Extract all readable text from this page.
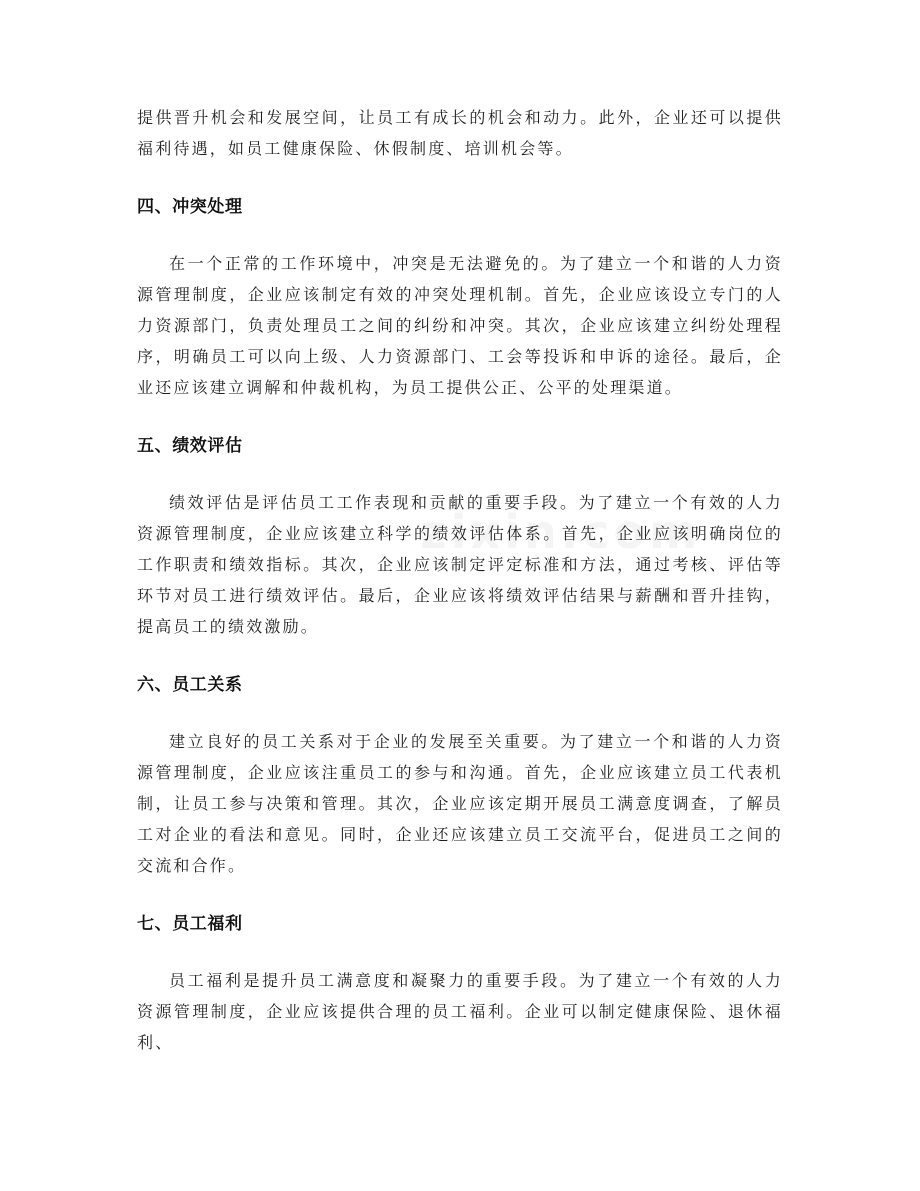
提供晋升机会和发展空间，让员工有成长的机会和动力。此外，企业还可以提供福利待遇，如员工健康保险、休假制度、培训机会等。

四、冲突处理

在一个正常的工作环境中，冲突是无法避免的。为了建立一个和谐的人力资源管理制度，企业应该制定有效的冲突处理机制。首先，企业应该设立专门的人力资源部门，负责处理员工之间的纠纷和冲突。其次，企业应该建立纠纷处理程序，明确员工可以向上级、人力资源部门、工会等投诉和申诉的途径。最后，企业还应该建立调解和仲裁机构，为员工提供公正、公平的处理渠道。

五、绩效评估

绩效评估是评估员工工作表现和贡献的重要手段。为了建立一个有效的人力资源管理制度，企业应该建立科学的绩效评估体系。首先，企业应该明确岗位的工作职责和绩效指标。其次，企业应该制定评定标准和方法，通过考核、评估等环节对员工进行绩效评估。最后，企业应该将绩效评估结果与薪酬和晋升挂钩，提高员工的绩效激励。

六、员工关系

建立良好的员工关系对于企业的发展至关重要。为了建立一个和谐的人力资源管理制度，企业应该注重员工的参与和沟通。首先，企业应该建立员工代表机制，让员工参与决策和管理。其次，企业应该定期开展员工满意度调查，了解员工对企业的看法和意见。同时，企业还应该建立员工交流平台，促进员工之间的交流和合作。

七、员工福利

员工福利是提升员工满意度和凝聚力的重要手段。为了建立一个有效的人力资源管理制度，企业应该提供合理的员工福利。企业可以制定健康保险、退休福利、
